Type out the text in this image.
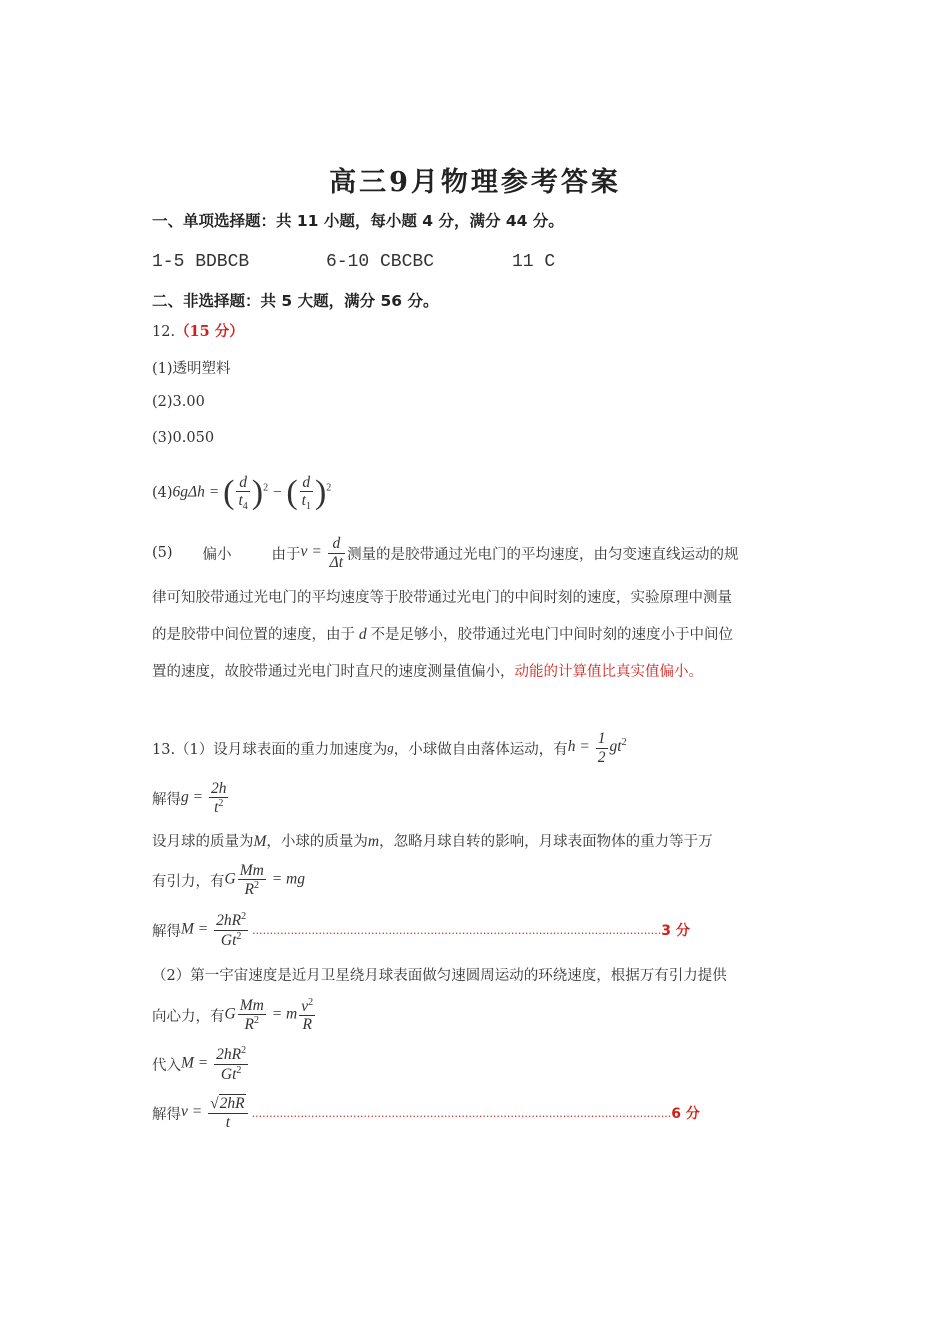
高三9月物理参考答案
一、单项选择题：共 11 小题，每小题 4 分，满分 44 分。
1-5 BDBCB	6-10 CBCBC	11 C
二、非选择题：共 5 大题，满分 56 分。
12.（15 分）
(1)透明塑料
(2)3.00
(3)0.050
(4) 6gΔh = ( $\frac{d}{t_4} )^2$ − ( $\frac{d}{t_1} )^2$
(5) 偏小	由于 $v = \frac{d}{\Delta t}$ 测量的是胶带通过光电门的平均速度，由匀变速直线运动的规
律可知胶带通过光电门的平均速度等于胶带通过光电门的中间时刻的速度，实验原理中测量
的是胶带中间位置的速度，由于 d 不是足够小，胶带通过光电门中间时刻的速度小于中间位
置的速度，故胶带通过光电门时直尺的速度测量值偏小，动能的计算值比真实值偏小。
13.（1）设月球表面的重力加速度为 g ，小球做自由落体运动，有 $h = \frac{1}{2} gt^2$
解得 $g = \frac{2h}{t^2}$
设月球的质量为M，小球的质量为m，忽略月球自转的影响，月球表面物体的重力等于万
有引力，有 G $\frac{Mm}{R^2}$ = mg
解得 $M = \frac{2hR^2}{Gt^2}$ ..................................................................................................................... 3 分
（2）第一宇宙速度是近月卫星绕月球表面做匀速圆周运动的环绕速度，根据万有引力提供
向心力，有 G $\frac{Mm}{R^2} = m \frac{v^2}{R}$
代入 $M = \frac{2hR^2}{Gt^2}$
解得 $v = \frac{√2hR}{t}$ ........................................................................................................................ 6 分
